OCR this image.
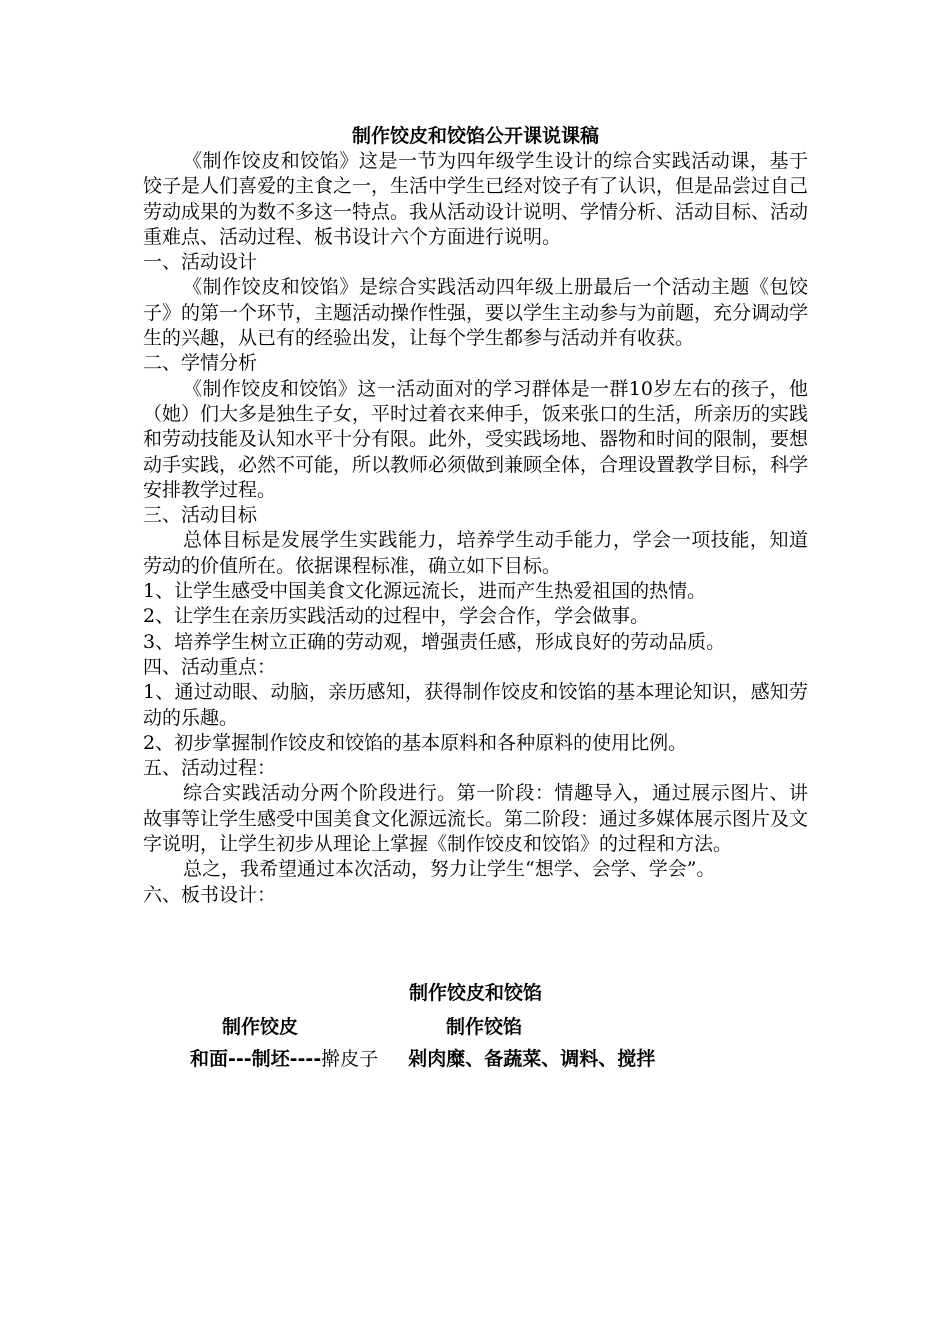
制作饺皮和饺馅公开课说课稿

《制作饺皮和饺馅》这是一节为四年级学生设计的综合实践活动课，基于饺子是人们喜爱的主食之一，生活中学生已经对饺子有了认识，但是品尝过自己劳动成果的为数不多这一特点。我从活动设计说明、学情分析、活动目标、活动重难点、活动过程、板书设计六个方面进行说明。

一、活动设计

《制作饺皮和饺馅》是综合实践活动四年级上册最后一个活动主题《包饺子》的第一个环节，主题活动操作性强，要以学生主动参与为前题，充分调动学生的兴趣，从已有的经验出发，让每个学生都参与活动并有收获。

二、学情分析

《制作饺皮和饺馅》这一活动面对的学习群体是一群10岁左右的孩子，他（她）们大多是独生子女，平时过着衣来伸手，饭来张口的生活，所亲历的实践和劳动技能及认知水平十分有限。此外，受实践场地、器物和时间的限制，要想动手实践，必然不可能，所以教师必须做到兼顾全体，合理设置教学目标，科学安排教学过程。

三、活动目标

总体目标是发展学生实践能力，培养学生动手能力，学会一项技能，知道劳动的价值所在。依据课程标准，确立如下目标。

1、让学生感受中国美食文化源远流长，进而产生热爱祖国的热情。

2、让学生在亲历实践活动的过程中，学会合作，学会做事。

3、培养学生树立正确的劳动观，增强责任感，形成良好的劳动品质。

四、活动重点：

1、通过动眼、动脑，亲历感知，获得制作饺皮和饺馅的基本理论知识，感知劳动的乐趣。

2、初步掌握制作饺皮和饺馅的基本原料和各种原料的使用比例。

五、活动过程：

综合实践活动分两个阶段进行。第一阶段：情趣导入，通过展示图片、讲故事等让学生感受中国美食文化源远流长。第二阶段：通过多媒体展示图片及文字说明，让学生初步从理论上掌握《制作饺皮和饺馅》的过程和方法。

总之，我希望通过本次活动，努力让学生“想学、会学、学会”。

六、板书设计：

制作饺皮和饺馅
制作饺皮	制作饺馅
和面---制坯----擀皮子 剁肉糜、备蔬菜、调料、搅拌
